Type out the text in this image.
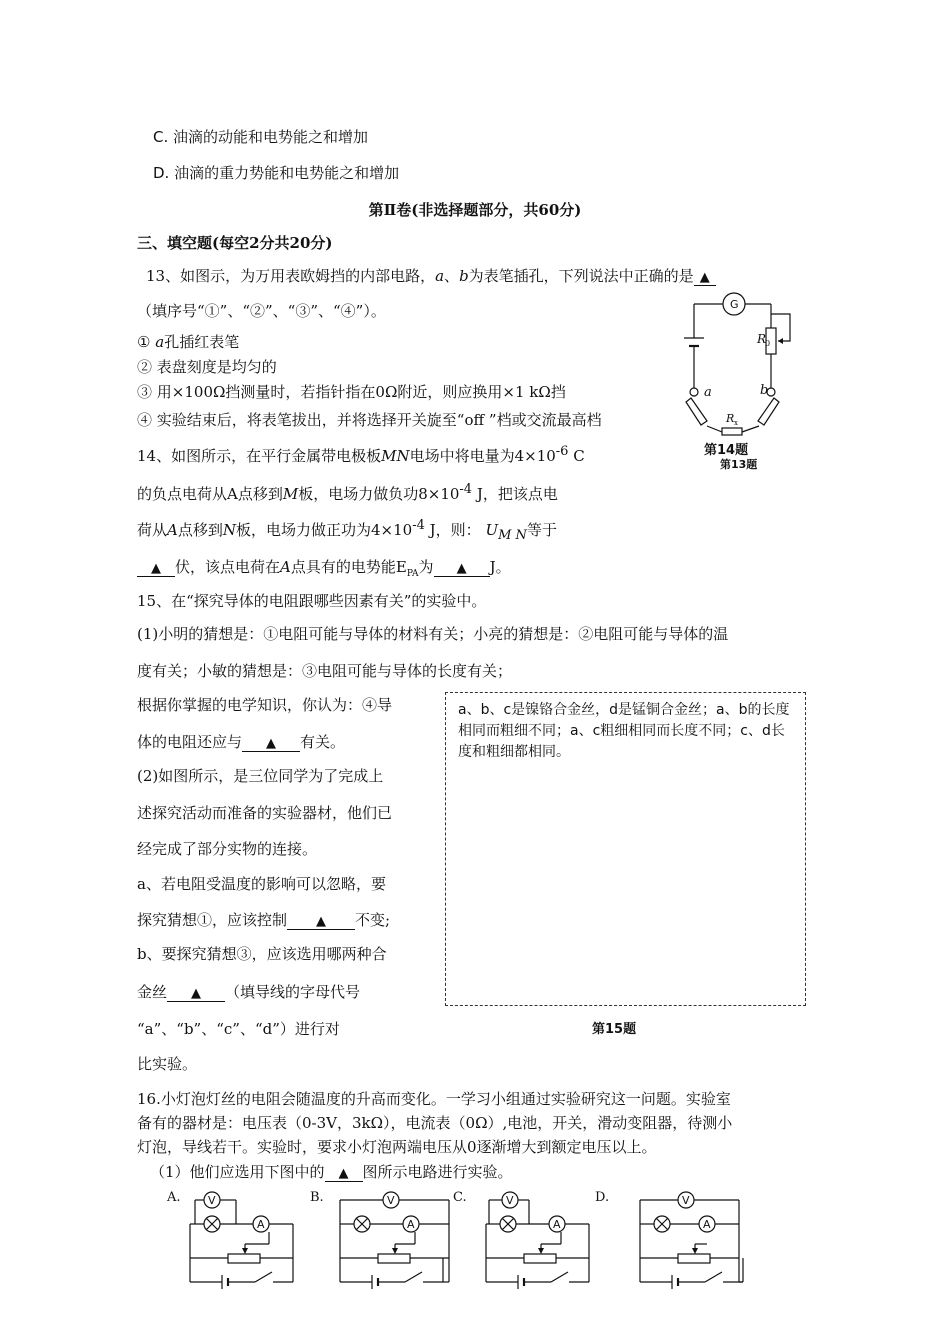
C. 油滴的动能和电势能之和增加
D. 油滴的重力势能和电势能之和增加
第Ⅱ卷(非选择题部分，共60分)
三、填空题(每空2分共20分)
13、如图示，为万用表欧姆挡的内部电路，a、b为表笔插孔，下列说法中正确的是 ▲
（填序号“①”、“②”、“③”、“④”）。
① a孔插红表笔
② 表盘刻度是均匀的
③ 用×100Ω挡测量时，若指针指在0Ω附近，则应换用×1 kΩ挡
④ 实验结束后，将表笔拔出，并将选择开关旋至“off ”档或交流最高档
G
R
0
a	b
R x
第14题
第13题
14、如图所示，在平行金属带电极板MN电场中将电量为$4\times 10^{-6}$ C
的负点电荷从A点移到M板，电场力做负功$8\times 10^{-4}$ J，把该点电
荷从A点移到N板，电场力做正功为$4\times 10^{-4}$ J，则： $U_{M N}$等于
▲ 伏，该点电荷在A点具有的电势能$E_{PA}$为 ▲ J。
15、在“探究导体的电阻跟哪些因素有关”的实验中。
(1)小明的猜想是：①电阻可能与导体的材料有关；小亮的猜想是：②电阻可能与导体的温
度有关；小敏的猜想是：③电阻可能与导体的长度有关；
根据你掌握的电学知识，你认为：④导
体的电阻还应与 ▲ 有关。
(2)如图所示，是三位同学为了完成上
述探究活动而准备的实验器材，他们已
经完成了部分实物的连接。
a、若电阻受温度的影响可以忽略，要
探究猜想①，应该控制 ▲ 不变;
b、要探究猜想③，应该选用哪两种合
金丝 ▲ （填导线的字母代号
“a”、“b”、“c”、“d”）进行对
比实验。
a、b、c是镍铬合金丝，d是锰铜合金丝；a、b的长度相同而粗细不同；a、c粗细相同而长度不同；c、d长度和粗细都相同。
第15题
16.小灯泡灯丝的电阻会随温度的升高而变化。一学习小组通过实验研究这一问题。实验室
备有的器材是：电压表（0-3V，3kΩ），电流表（0Ω）,电池，开关，滑动变阻器，待测小
灯泡，导线若干。实验时，要求小灯泡两端电压从0逐渐增大到额定电压以上。
（1）他们应选用下图中的 ▲ 图所示电路进行实验。
A. V
A
B.	V
A
C.	V
A
D.	V
A
